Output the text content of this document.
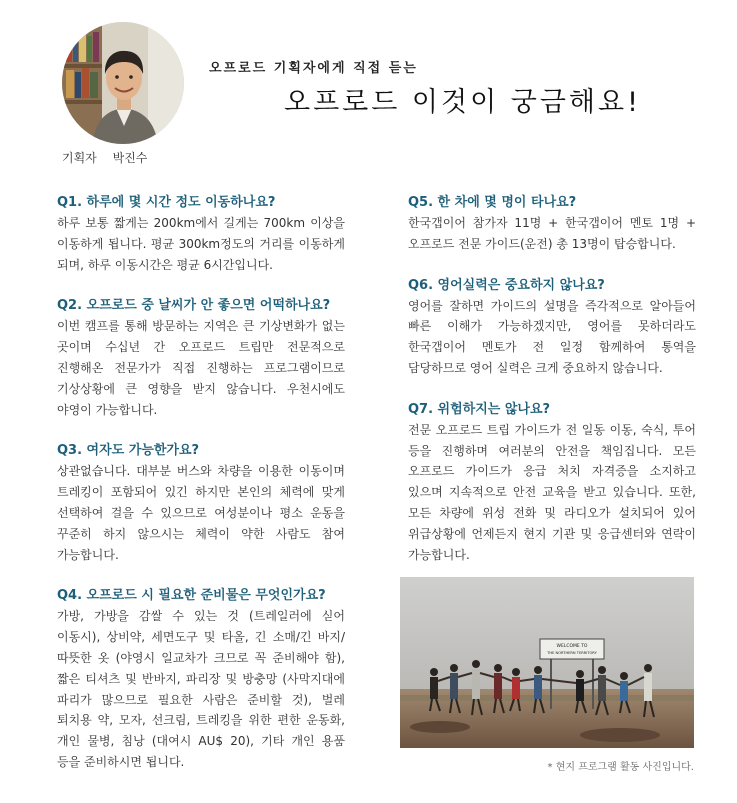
기획자 박진수
오프로드 기획자에게 직접 듣는
오프로드 이것이 궁금해요!
Q1. 하루에 몇 시간 정도 이동하나요?
하루 보통 짧게는 200km에서 길게는 700km 이상을 이동하게 됩니다. 평균 300km정도의 거리를 이동하게 되며, 하루 이동시간은 평균 6시간입니다.
Q2. 오프로드 중 날씨가 안 좋으면 어떡하나요?
이번 캠프를 통해 방문하는 지역은 큰 기상변화가 없는 곳이며 수십년 간 오프로드 트립만 전문적으로 진행해온 전문가가 직접 진행하는 프로그램이므로 기상상황에 큰 영향을 받지 않습니다. 우천시에도 야영이 가능합니다.
Q3. 여자도 가능한가요?
상관없습니다. 대부분 버스와 차량을 이용한 이동이며 트레킹이 포함되어 있긴 하지만 본인의 체력에 맞게 선택하여 걸을 수 있으므로 여성분이나 평소 운동을 꾸준히 하지 않으시는 체력이 약한 사람도 참여 가능합니다.
Q4. 오프로드 시 필요한 준비물은 무엇인가요?
가방, 가방을 감쌀 수 있는 것 (트레일러에 싣어 이동시), 상비약, 세면도구 및 타올, 긴 소매/긴 바지/ 따뜻한 옷 (야영시 일교차가 크므로 꼭 준비해야 함), 짧은 티셔츠 및 반바지, 파리장 및 방충망 (사막지대에 파리가 많으므로 필요한 사람은 준비할 것), 벌레 퇴치용 약, 모자, 선크림, 트레킹을 위한 편한 운동화, 개인 물병, 침낭 (대여시 AU$ 20), 기타 개인 용품 등을 준비하시면 됩니다.
Q5. 한 차에 몇 명이 타나요?
한국갭이어 참가자 11명 + 한국갭이어 멘토 1명 + 오프로드 전문 가이드(운전) 총 13명이 탑승합니다.
Q6. 영어실력은 중요하지 않나요?
영어를 잘하면 가이드의 설명을 즉각적으로 알아들어 빠른 이해가 가능하겠지만, 영어를 못하더라도 한국갭이어 멘토가 전 일정 함께하여 통역을 담당하므로 영어 실력은 크게 중요하지 않습니다.
Q7. 위험하지는 않나요?
전문 오프로드 트립 가이드가 전 일동 이동, 숙식, 투어 등을 진행하며 여러분의 안전을 책임집니다. 모든 오프로드 가이드가 응급 처치 자격증을 소지하고 있으며 지속적으로 안전 교육을 받고 있습니다. 또한, 모든 차량에 위성 전화 및 라디오가 설치되어 있어 위급상황에 언제든지 현지 기관 및 응급센터와 연락이 가능합니다.
WELCOME TO
THE NORTHERN TERRITORY
* 현지 프로그램 활동 사진입니다.
